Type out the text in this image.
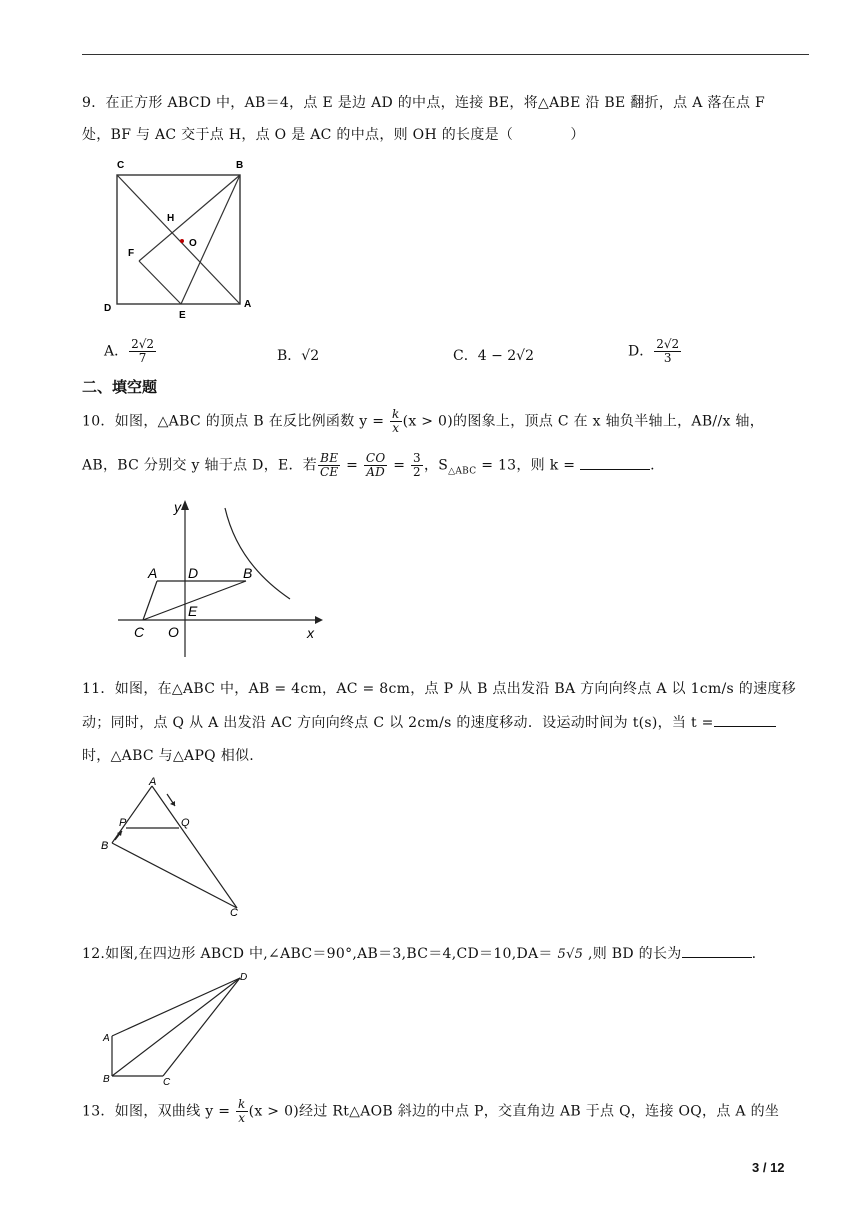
9．在正方形 ABCD 中，AB＝4，点 E 是边 AD 的中点，连接 BE，将△ABE 沿 BE 翻折，点 A 落在点 F
处，BF 与 AC 交于点 H，点 O 是 AC 的中点，则 OH 的长度是（　　　　）
C	B
H
O
F
D
E
A
A． $\frac{2√2}{7}$	B．√2	C．4 − 2√2	D． $\frac{2√2}{3}$
二、填空题
10．如图，△ABC 的顶点 B 在反比例函数 $y = \frac{k}{x} (x > 0)$的图象上，顶点 C 在 x 轴负半轴上，AB//x 轴，
AB，BC 分别交 y 轴于点 D，E．若 $\frac{BE}{CE} = \frac{CO}{AD} = \frac{3}{2}$ ，$S_{\triangle ABC} = 13$，则 k =	.
y
x
A D	B
E
C O
11．如图，在△ABC 中，AB = 4cm，AC = 8cm，点 P 从 B 点出发沿 BA 方向向终点 A 以 1cm/s 的速度移
动；同时，点 Q 从 A 出发沿 AC 方向向终点 C 以 2cm/s 的速度移动．设运动时间为 t(s)，当 t =
时，△ABC 与△APQ 相似.
A
P	Q
B
C
12.如图,在四边形 ABCD 中,∠ABC＝90°,AB＝3,BC＝4,CD＝10,DA＝ 5√5 ,则 BD 的长为	.
D
A
B	C
13．如图，双曲线 $y = \frac{k}{x} (x > 0)$经过 Rt△AOB 斜边的中点 P，交直角边 AB 于点 Q，连接 OQ，点 A 的坐
3 / 12
